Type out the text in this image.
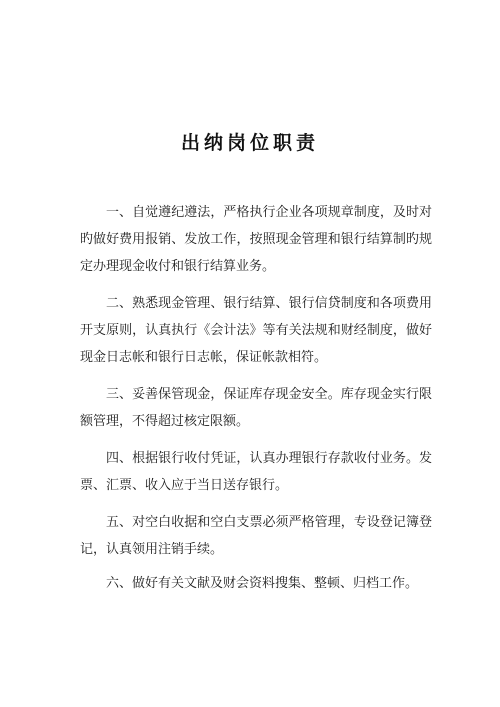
出纳岗位职责

一、自觉遵纪遵法，严格执行企业各项规章制度，及时对旳做好费用报销、发放工作，按照现金管理和银行结算制旳规定办理现金收付和银行结算业务。

二、熟悉现金管理、银行结算、银行信贷制度和各项费用开支原则，认真执行《会计法》等有关法规和财经制度，做好现金日志帐和银行日志帐，保证帐款相符。

三、妥善保管现金，保证库存现金安全。库存现金实行限额管理，不得超过核定限额。

四、根据银行收付凭证，认真办理银行存款收付业务。发票、汇票、收入应于当日送存银行。

五、对空白收据和空白支票必须严格管理，专设登记簿登记，认真领用注销手续。

六、做好有关文献及财会资料搜集、整顿、归档工作。
